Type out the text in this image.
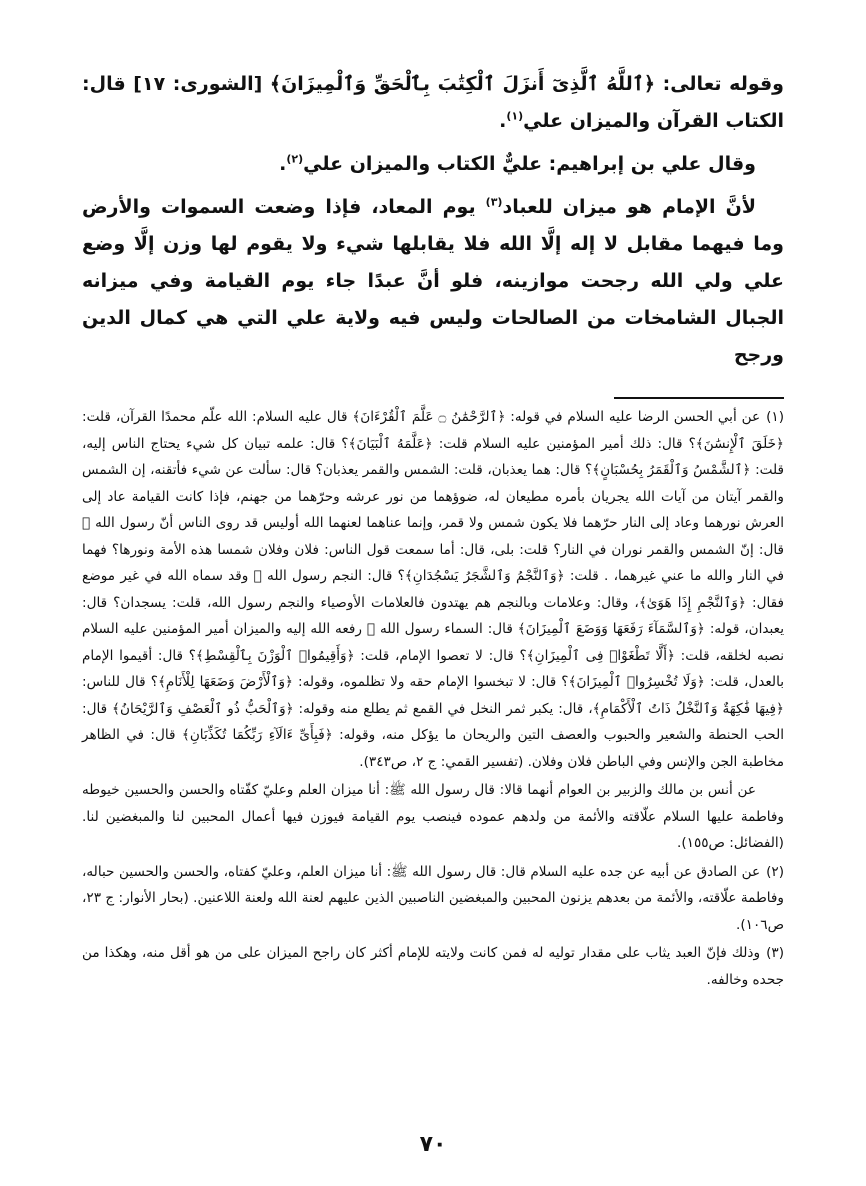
وقوله تعالى: ﴿ٱللَّهُ ٱلَّذِىٓ أَنزَلَ ٱلْكِتَٰبَ بِٱلْحَقِّ وَٱلْمِيزَانَ﴾ [الشورى: ١٧] قال: الكتاب القرآن والميزان علي$^{(١)}$.

وقال علي بن إبراهيم: عليٌّ الكتاب والميزان علي$^{(٢)}$.

لأنَّ الإمام هو ميزان للعباد$^{(٣)}$ يوم المعاد، فإذا وضعت السموات والأرض وما فيهما مقابل لا إله إلَّا الله فلا يقابلها شيء ولا يقوم لها وزن إلَّا وضع علي ولي الله رجحت موازينه، فلو أنَّ عبدًا جاء يوم القيامة وفي ميزانه الجبال الشامخات من الصالحات وليس فيه ولاية علي التي هي كمال الدين ورجح

(١)عن أبي الحسن الرضا عليه السلام في قوله: ﴿ٱلرَّحْمَٰنُ ۝ عَلَّمَ ٱلْقُرْءَانَ﴾ قال عليه السلام: الله علّم محمدًا القرآن، قلت: ﴿خَلَقَ ٱلْإِنسَٰنَ﴾؟ قال: ذلك أمير المؤمنين عليه السلام قلت: ﴿عَلَّمَهُ ٱلْبَيَانَ﴾؟ قال: علمه تبيان كل شيء يحتاج الناس إليه، قلت: ﴿ٱلشَّمْسُ وَٱلْقَمَرُ بِحُسْبَانٍ﴾؟ قال: هما يعذبان، قلت: الشمس والقمر يعذبان؟ قال: سألت عن شيء فأتقنه، إن الشمس والقمر آيتان من آيات الله يجريان بأمره مطيعان له، ضوؤهما من نور عرشه وحرّهما من جهنم، فإذا كانت القيامة عاد إلى العرش نورهما وعاد إلى النار حرّهما فلا يكون شمس ولا قمر، وإنما عناهما لعنهما الله أوليس قد روى الناس أنّ رسول الله ﷺ قال: إنّ الشمس والقمر نوران في النار؟ قلت: بلى، قال: أما سمعت قول الناس: فلان وفلان شمسا هذه الأمة ونورها؟ فهما في النار والله ما عني غيرهما، . قلت: ﴿وَٱلنَّجْمُ وَٱلشَّجَرُ يَسْجُدَانِ﴾؟ قال: النجم رسول الله ﷺ وقد سماه الله في غير موضع فقال: ﴿وَٱلنَّجْمِ إِذَا هَوَىٰ﴾، وقال: وعلامات وبالنجم هم يهتدون فالعلامات الأوصياء والنجم رسول الله، قلت: يسجدان؟ قال: يعبدان، قوله: ﴿وَٱلسَّمَآءَ رَفَعَهَا وَوَضَعَ ٱلْمِيزَانَ﴾ قال: السماء رسول الله ﷺ رفعه الله إليه والميزان أمير المؤمنين عليه السلام نصبه لخلقه، قلت: ﴿أَلَّا تَطْغَوْا۟ فِى ٱلْمِيزَانِ﴾؟ قال: لا تعصوا الإمام، قلت: ﴿وَأَقِيمُوا۟ ٱلْوَزْنَ بِٱلْقِسْطِ﴾؟ قال: أقيموا الإمام بالعدل، قلت: ﴿وَلَا تُخْسِرُوا۟ ٱلْمِيزَانَ﴾؟ قال: لا تبخسوا الإمام حقه ولا تظلموه، وقوله: ﴿وَٱلْأَرْضَ وَضَعَهَا لِلْأَنَامِ﴾؟ قال للناس: ﴿فِيهَا فَٰكِهَةٌ وَٱلنَّخْلُ ذَاتُ ٱلْأَكْمَامِ﴾، قال: يكبر ثمر النخل في القمع ثم يطلع منه وقوله: ﴿وَٱلْحَبُّ ذُو ٱلْعَصْفِ وَٱلرَّيْحَانُ﴾ قال: الحب الحنطة والشعير والحبوب والعصف التين والريحان ما يؤكل منه، وقوله: ﴿فَبِأَىِّ ءَالَآءِ رَبِّكُمَا تُكَذِّبَانِ﴾ قال: في الظاهر مخاطبة الجن والإنس وفي الباطن فلان وفلان. (تفسير القمي: ج ٢، ص٣٤٣).

عن أنس بن مالك والزبير بن العوام أنهما قالا: قال رسول الله ﷺ: أنا ميزان العلم وعليّ كفّتاه والحسن والحسين خيوطه وفاطمة عليها السلام علّاقته والأئمة من ولدهم عموده فينصب يوم القيامة فيوزن فيها أعمال المحبين لنا والمبغضين لنا. (الفضائل: ص١٥٥).

(٢)عن الصادق عن أبيه عن جده عليه السلام قال: قال رسول الله ﷺ: أنا ميزان العلم، وعليّ كفتاه، والحسن والحسين حباله، وفاطمة علّاقته، والأئمة من بعدهم يزنون المحبين والمبغضين الناصبين الذين عليهم لعنة الله ولعنة اللاعنين. (بحار الأنوار: ج ٢٣، ص١٠٦).

(٣)وذلك فإنّ العبد يثاب على مقدار توليه له فمن كانت ولايته للإمام أكثر كان راجح الميزان على من هو أقل منه، وهكذا من جحده وخالفه.

٧٠
